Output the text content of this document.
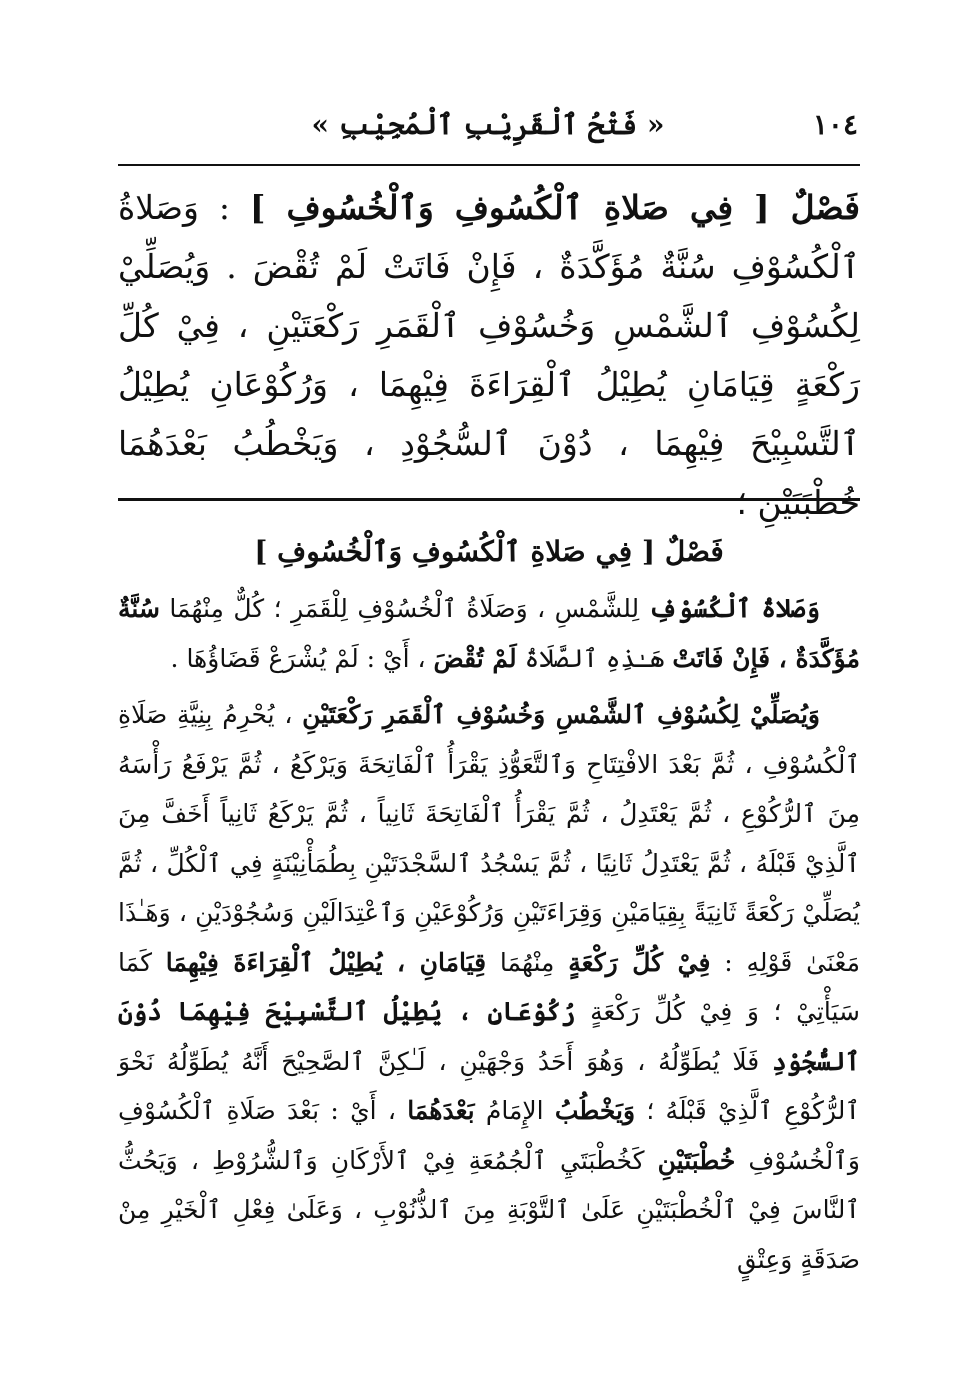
١٠٤
« فَتْحُ ٱلْقَرِيْبِ ٱلْمُجِيْبِ »
فَصْلٌ [ فِي صَلاةِ ٱلْكُسُوفِ وَٱلْخُسُوفِ ] : وَصَلاةُ ٱلْكُسُوْفِ سُنَّةٌ مُؤَكَّدَةٌ ، فَإِنْ فَاتَتْ لَمْ تُقْضَ . وَيُصَلِّيْ لِكُسُوْفِ ٱلشَّمْسِ وَخُسُوْفِ ٱلْقَمَرِ رَكْعَتَيْنِ ، فِيْ كُلِّ رَكْعَةٍ قِيَامَانِ يُطِيْلُ ٱلْقِرَاءَةَ فِيْهِمَا ، وَرُكُوْعَانِ يُطِيْلُ ٱلتَّسْبِيْحَ فِيْهِمَا ، دُوْنَ ٱلسُّجُوْدِ ، وَيَخْطُبُ بَعْدَهُمَا خُطْبَتَيْنِ ؛
فَصْلٌ [ فِي صَلاةِ ٱلْكُسُوفِ وَٱلْخُسُوفِ ]

وَصَلاةُ ٱلْكُسُوْفِ لِلشَّمْسِ ، وَصَلَاةُ ٱلْخُسُوْفِ لِلْقَمَرِ ؛ كُلٌّ مِنْهُمَا سُنَّةٌ مُؤَكَّدَةٌ ، فَإِنْ فَاتَتْ هَـٰذِهِ ٱلصَّلَاةُ لَمْ تُقْضَ ، أَيْ : لَمْ يُشْرَعْ قَضَاؤُهَا .

وَيُصَلِّيْ لِكُسُوْفِ ٱلشَّمْسِ وَخُسُوْفِ ٱلْقَمَرِ رَكْعَتَيْنِ ، يُحْرِمُ بِنِيَّةِ صَلَاةِ ٱلْكُسُوْفِ ، ثُمَّ بَعْدَ الافْتِتَاحِ وَٱلتَّعَوُّذِ يَقْرَأُ ٱلْفَاتِحَةَ وَيَرْكَعُ ، ثُمَّ يَرْفَعُ رَأْسَهُ مِنَ ٱلرُّكُوْعِ ، ثُمَّ يَعْتَدِلُ ، ثُمَّ يَقْرَأُ ٱلْفَاتِحَةَ ثَانِياً ، ثُمَّ يَرْكَعُ ثَانِياً أَخَفَّ مِنَ ٱلَّذِيْ قَبْلَهُ ، ثُمَّ يَعْتَدِلُ ثَانِيًا ، ثُمَّ يَسْجُدُ ٱلسَّجْدَتَيْنِ بِطُمَأْنِيْنَةٍ فِي ٱلْكُلِّ ، ثُمَّ يُصَلِّيْ رَكْعَةً ثَانِيَةً بِقِيَامَيْنِ وَقِرَاءَتَيْنِ وَرُكُوْعَيْنِ وَٱعْتِدَالَيْنِ وَسُجُوْدَيْنِ ، وَهَـٰذَا مَعْنَىٰ قَوْلِهِ : فِيْ كُلِّ رَكْعَةٍ مِنْهُمَا قِيَامَانِ ، يُطِيْلُ ٱلْقِرَاءَةَ فِيْهِمَا كَمَا سَيَأْتِيْ ؛ وَ فِيْ كُلِّ رَكْعَةٍ رُكُوْعَانِ ، يُطِيْلُ ٱلتَّسْبِيْحَ فِيْهِمَا دُوْنَ ٱلسُّجُوْدِ فَلَا يُطَوِّلُهُ ، وَهُوَ أَحَدُ وَجْهَيْنِ ، لَـٰكِنَّ ٱلصَّحِيْحَ أَنَّهُ يُطَوِّلُهُ نَحْوَ ٱلرُّكُوْعِ ٱلَّذِيْ قَبْلَهُ ؛ وَيَخْطُبُ الإِمَامُ بَعْدَهُمَا ، أَيْ : بَعْدَ صَلَاةِ ٱلْكُسُوْفِ وَٱلْخُسُوْفِ خُطْبَتَيْنِ كَخُطْبَتَيِ ٱلْجُمُعَةِ فِيْ ٱلأَرْكَانِ وَٱلشُّرُوْطِ ، وَيَحُثُّ ٱلنَّاسَ فِيْ ٱلْخُطْبَتَيْنِ عَلَىٰ ٱلتَّوْبَةِ مِنَ ٱلذُّنُوْبِ ، وَعَلَىٰ فِعْلِ ٱلْخَيْرِ مِنْ صَدَقَةٍ وَعِتْقٍ
